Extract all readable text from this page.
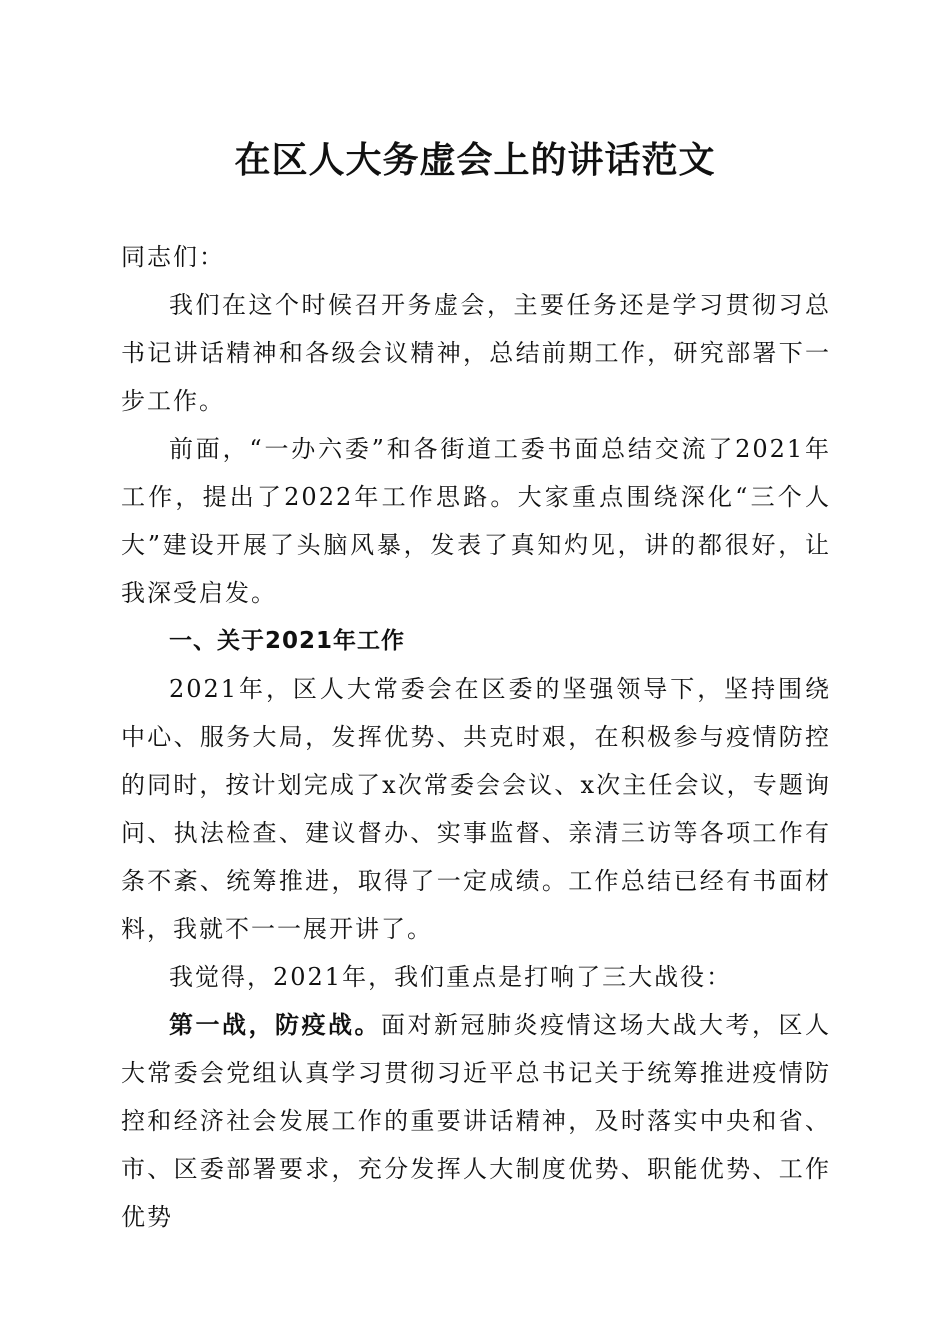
在区人大务虚会上的讲话范文

同志们：

我们在这个时候召开务虚会，主要任务还是学习贯彻习总书记讲话精神和各级会议精神，总结前期工作，研究部署下一步工作。

前面，“一办六委”和各街道工委书面总结交流了2021年工作，提出了2022年工作思路。大家重点围绕深化“三个人大”建设开展了头脑风暴，发表了真知灼见，讲的都很好，让我深受启发。

一、关于2021年工作

2021年，区人大常委会在区委的坚强领导下，坚持围绕中心、服务大局，发挥优势、共克时艰，在积极参与疫情防控的同时，按计划完成了x次常委会会议、x次主任会议，专题询问、执法检查、建议督办、实事监督、亲清三访等各项工作有条不紊、统筹推进，取得了一定成绩。工作总结已经有书面材料，我就不一一展开讲了。

我觉得，2021年，我们重点是打响了三大战役：

第一战，防疫战。面对新冠肺炎疫情这场大战大考，区人大常委会党组认真学习贯彻习近平总书记关于统筹推进疫情防控和经济社会发展工作的重要讲话精神，及时落实中央和省、市、区委部署要求，充分发挥人大制度优势、职能优势、工作优势
